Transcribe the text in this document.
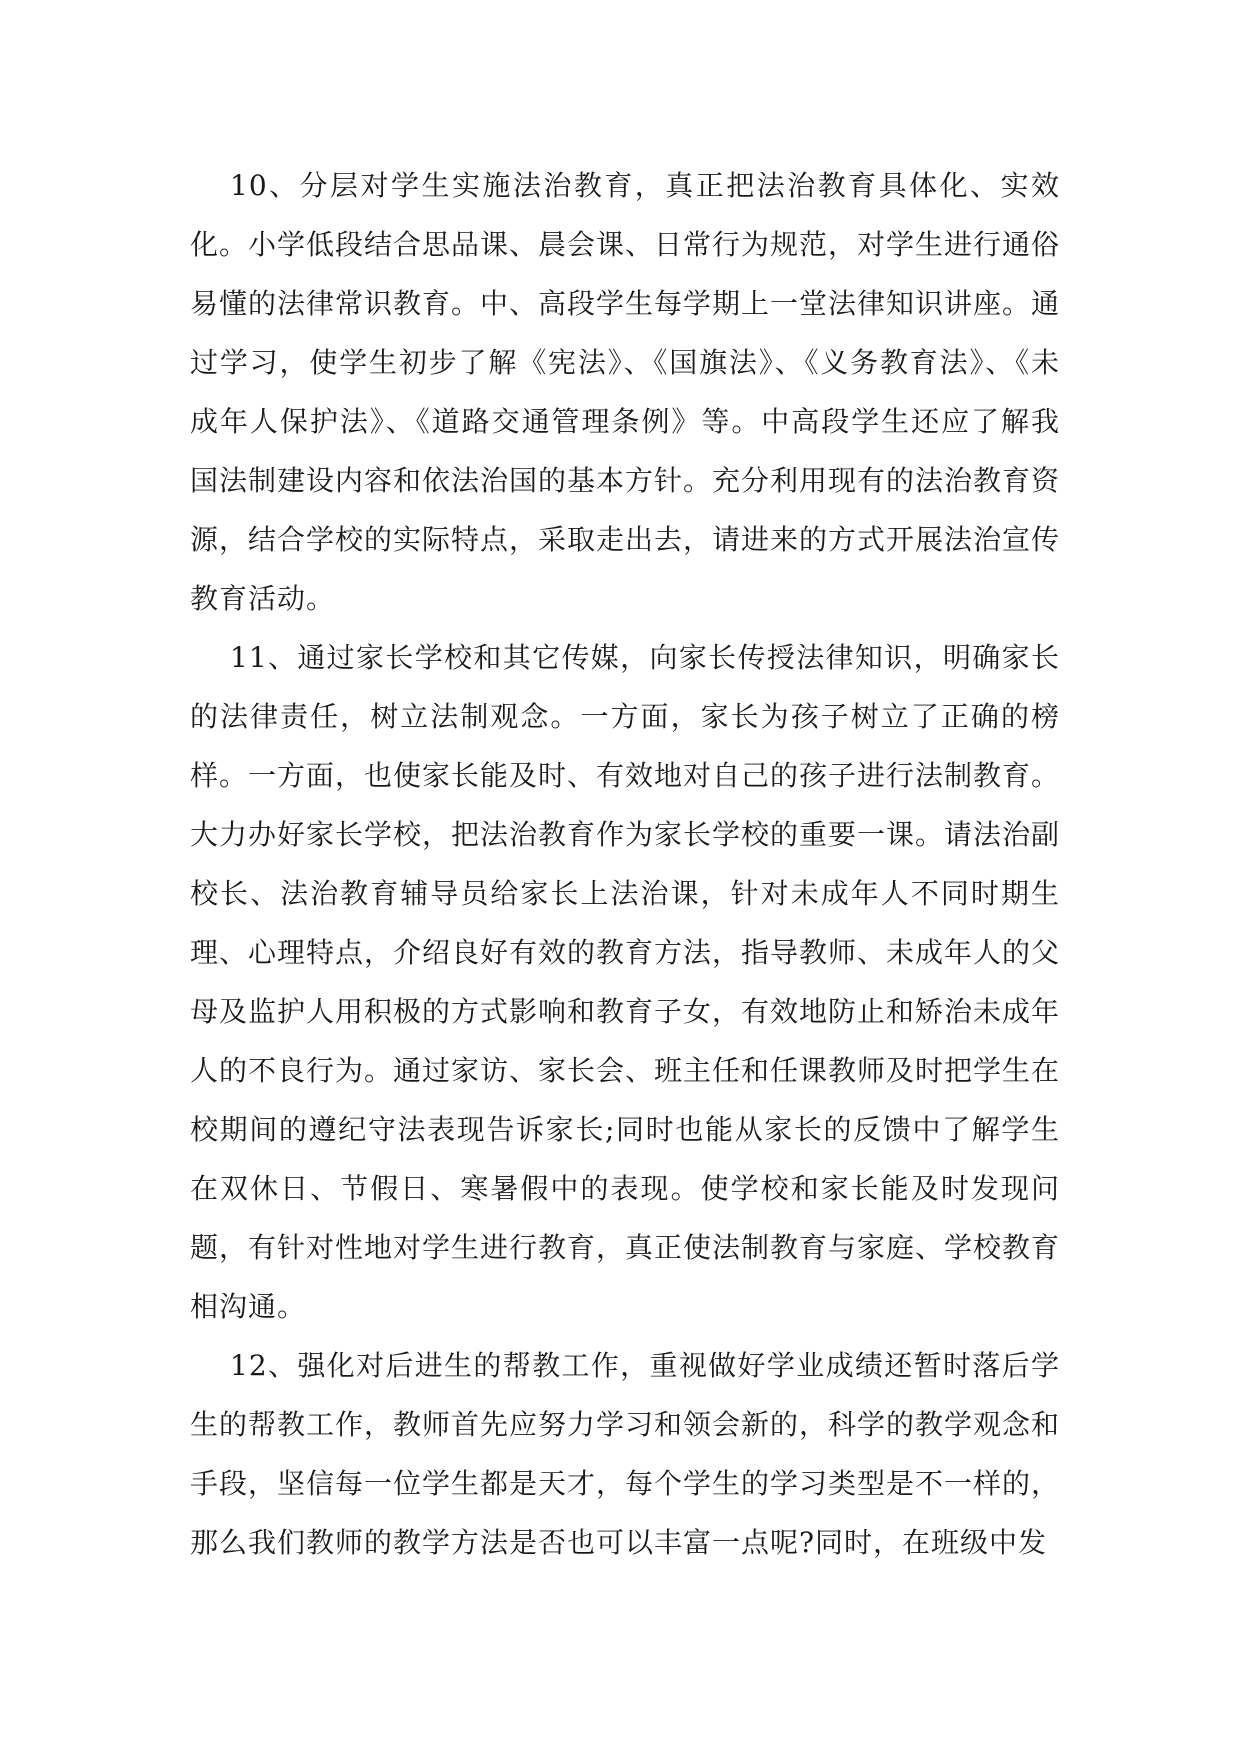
10、分层对学生实施法治教育，真正把法治教育具体化、实效化。小学低段结合思品课、晨会课、日常行为规范，对学生进行通俗易懂的法律常识教育。中、高段学生每学期上一堂法律知识讲座。通过学习，使学生初步了解《宪法》、《国旗法》、《义务教育法》、《未成年人保护法》、《道路交通管理条例》等。中高段学生还应了解我国法制建设内容和依法治国的基本方针。充分利用现有的法治教育资源，结合学校的实际特点，采取走出去，请进来的方式开展法治宣传教育活动。

11、通过家长学校和其它传媒，向家长传授法律知识，明确家长的法律责任，树立法制观念。一方面，家长为孩子树立了正确的榜样。一方面，也使家长能及时、有效地对自己的孩子进行法制教育。大力办好家长学校，把法治教育作为家长学校的重要一课。请法治副校长、法治教育辅导员给家长上法治课，针对未成年人不同时期生理、心理特点，介绍良好有效的教育方法，指导教师、未成年人的父母及监护人用积极的方式影响和教育子女，有效地防止和矫治未成年人的不良行为。通过家访、家长会、班主任和任课教师及时把学生在校期间的遵纪守法表现告诉家长;同时也能从家长的反馈中了解学生在双休日、节假日、寒暑假中的表现。使学校和家长能及时发现问题，有针对性地对学生进行教育，真正使法制教育与家庭、学校教育相沟通。

12、强化对后进生的帮教工作，重视做好学业成绩还暂时落后学生的帮教工作，教师首先应努力学习和领会新的，科学的教学观念和手段，坚信每一位学生都是天才，每个学生的学习类型是不一样的，那么我们教师的教学方法是否也可以丰富一点呢?同时，在班级中发
